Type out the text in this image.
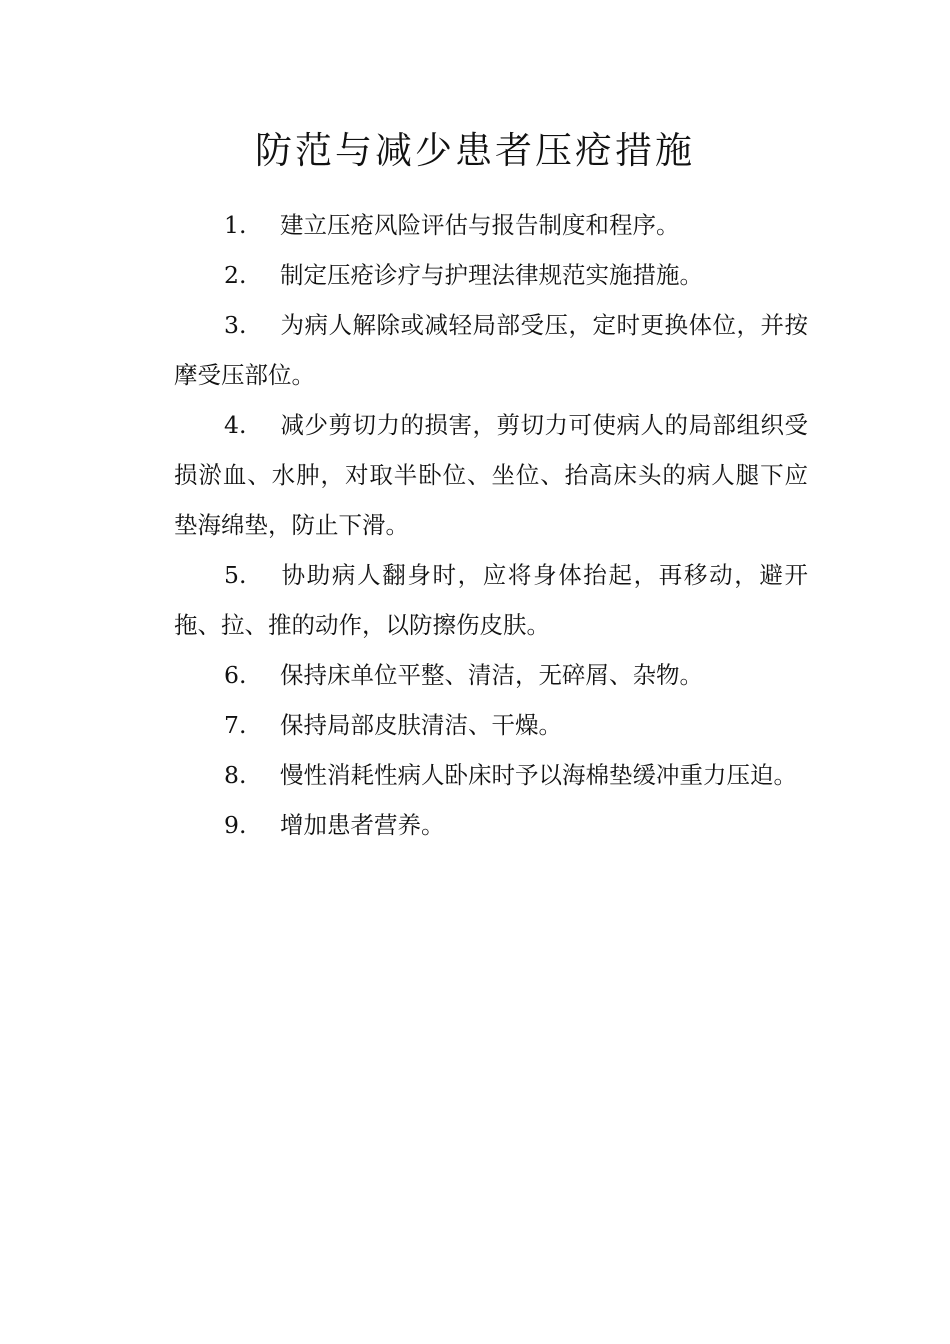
防范与减少患者压疮措施

1. 建立压疮风险评估与报告制度和程序。

2. 制定压疮诊疗与护理法律规范实施措施。

3. 为病人解除或减轻局部受压，定时更换体位，并按摩受压部位。

4. 减少剪切力的损害，剪切力可使病人的局部组织受损淤血、水肿，对取半卧位、坐位、抬高床头的病人腿下应垫海绵垫，防止下滑。

5. 协助病人翻身时，应将身体抬起，再移动，避开拖、拉、推的动作，以防擦伤皮肤。

6. 保持床单位平整、清洁，无碎屑、杂物。

7. 保持局部皮肤清洁、干燥。

8. 慢性消耗性病人卧床时予以海棉垫缓冲重力压迫。

9. 增加患者营养。
